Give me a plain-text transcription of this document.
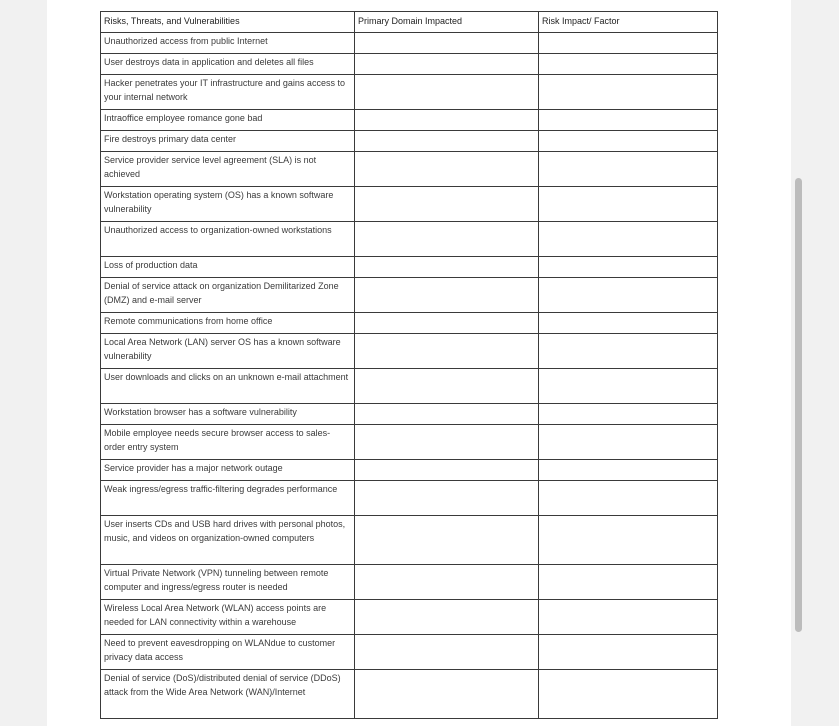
Risks, Threats, and Vulnerabilities	Primary Domain Impacted	Risk Impact/ Factor
Unauthorized access from public Internet		
User destroys data in application and deletes all files		
Hacker penetrates your IT infrastructure and gains access to your internal network		
Intraoffice employee romance gone bad		
Fire destroys primary data center		
Service provider service level agreement (SLA) is not achieved		
Workstation operating system (OS) has a known software vulnerability		
Unauthorized access to organization-owned workstations		
Loss of production data		
Denial of service attack on organization Demilitarized Zone (DMZ) and e-mail server		
Remote communications from home office		
Local Area Network (LAN) server OS has a known software vulnerability		
User downloads and clicks on an unknown e-mail attachment		
Workstation browser has a software vulnerability		
Mobile employee needs secure browser access to sales-order entry system		
Service provider has a major network outage		
Weak ingress/egress traffic-filtering degrades performance		
User inserts CDs and USB hard drives with personal photos, music, and videos on organization-owned computers		
Virtual Private Network (VPN) tunneling between remote computer and ingress/egress router is needed		
Wireless Local Area Network (WLAN) access points are needed for LAN connectivity within a warehouse		
Need to prevent eavesdropping on WLANdue to customer privacy data access		
Denial of service (DoS)/distributed denial of service (DDoS) attack from the Wide Area Network (WAN)/Internet		
